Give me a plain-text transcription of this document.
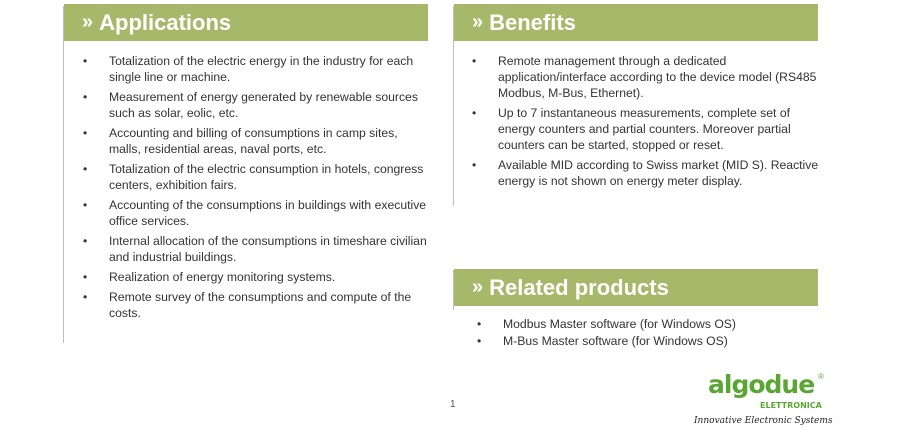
» Applications
• Totalization of the electric energy in the industry for each single line or machine.
• Measurement of energy generated by renewable sources such as solar, eolic, etc.
• Accounting and billing of consumptions in camp sites, malls, residential areas, naval ports, etc.
• Totalization of the electric consumption in hotels, congress centers, exhibition fairs.
• Accounting of the consumptions in buildings with executive office services.
• Internal allocation of the consumptions in timeshare civilian and industrial buildings.
• Realization of energy monitoring systems.
• Remote survey of the consumptions and compute of the costs.
» Benefits
• Remote management through a dedicated application/interface according to the device model (RS485 Modbus, M-Bus, Ethernet).
• Up to 7 instantaneous measurements, complete set of energy counters and partial counters. Moreover partial counters can be started, stopped or reset.
• Available MID according to Swiss market (MID S). Reactive energy is not shown on energy meter display.
» Related products
• Modbus Master software (for Windows OS)
• M-Bus Master software (for Windows OS)
1
algodue ®
ELETTRONICA
Innovative Electronic Systems
